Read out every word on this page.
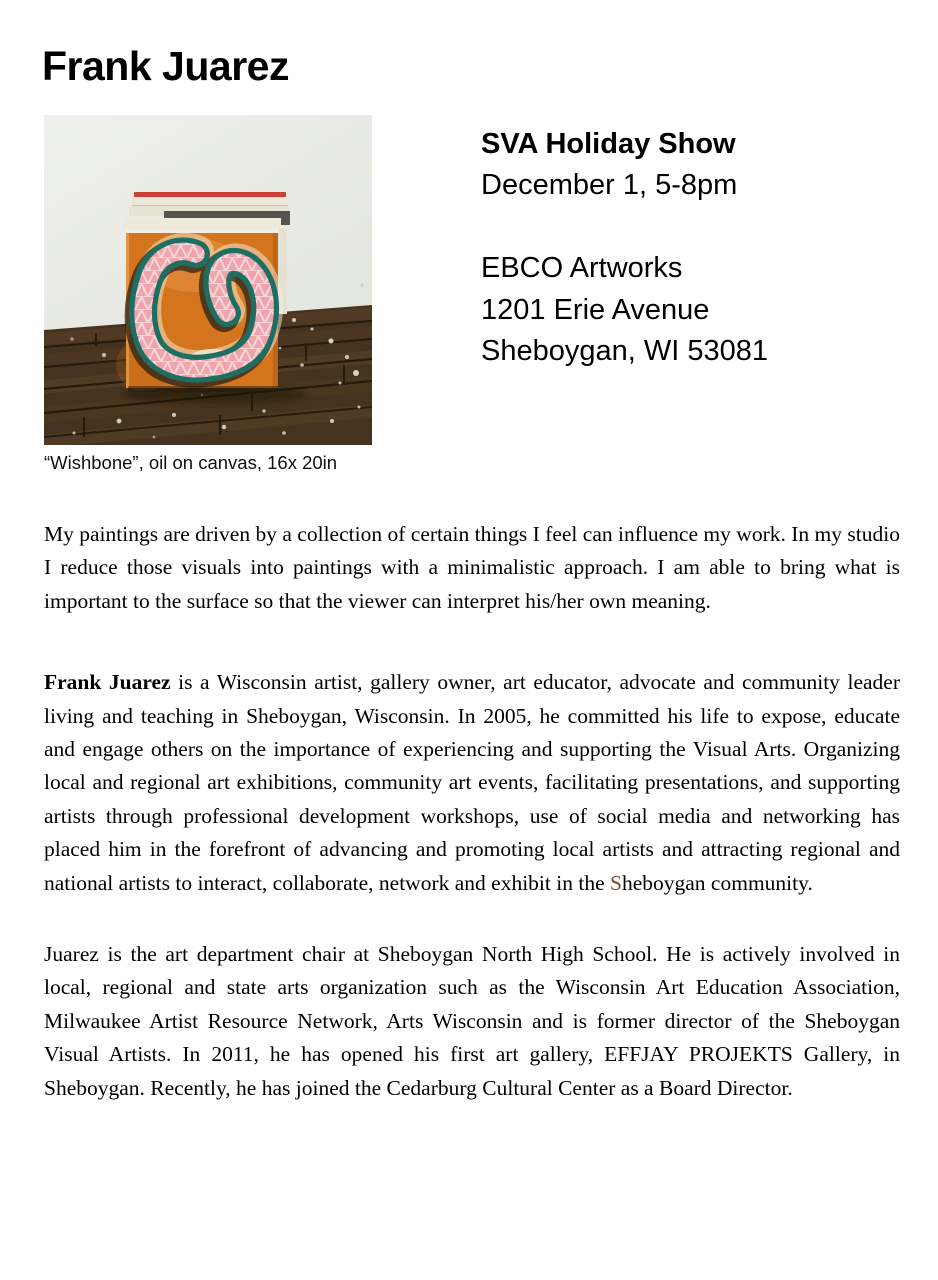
Frank Juarez
“Wishbone”, oil on canvas, 16x 20in
SVA Holiday Show
December 1, 5-8pm
EBCO Artworks
1201 Erie Avenue
Sheboygan, WI 53081

My paintings are driven by a collection of certain things I feel can influence my work. In my studio I reduce those visuals into paintings with a minimalistic approach. I am able to bring what is important to the surface so that the viewer can interpret his/her own meaning.

Frank Juarez is a Wisconsin artist, gallery owner, art educator, advocate and community leader living and teaching in Sheboygan, Wisconsin. In 2005, he committed his life to expose, educate and engage others on the importance of experiencing and supporting the Visual Arts. Organizing local and regional art exhibitions, community art events, facilitating presentations, and supporting artists through professional development workshops, use of social media and networking has placed him in the forefront of advancing and promoting local artists and attracting regional and national artists to interact, collaborate, network and exhibit in the Sheboygan community.

Juarez is the art department chair at Sheboygan North High School. He is actively involved in local, regional and state arts organization such as the Wisconsin Art Education Association, Milwaukee Artist Resource Network, Arts Wisconsin and is former director of the Sheboygan Visual Artists. In 2011, he has opened his first art gallery, EFFJAY PROJEKTS Gallery, in Sheboygan. Recently, he has joined the Cedarburg Cultural Center as a Board Director.
